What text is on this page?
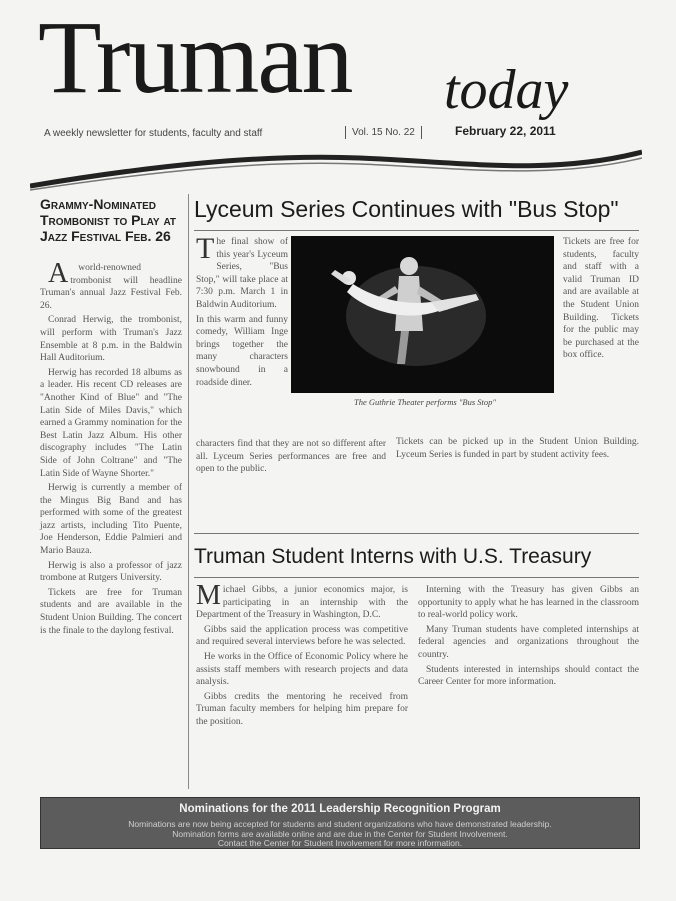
Truman today
A weekly newsletter for students, faculty and staff	Vol. 15 No. 22	February 22, 2011
Grammy-Nominated Trombonist to Play at Jazz Festival Feb. 26

Aworld-renowned trombonist will headline Truman's annual Jazz Festival Feb. 26.

Conrad Herwig, the trombonist, will perform with Truman's Jazz Ensemble at 8 p.m. in the Baldwin Hall Auditorium.

Herwig has recorded 18 albums as a leader. His recent CD releases are "Another Kind of Blue" and "The Latin Side of Miles Davis," which earned a Grammy nomination for the Best Latin Jazz Album. His other discography includes "The Latin Side of John Coltrane" and "The Latin Side of Wayne Shorter."

Herwig is currently a member of the Mingus Big Band and has performed with some of the greatest jazz artists, including Tito Puente, Joe Henderson, Eddie Palmieri and Mario Bauza.

Herwig is also a professor of jazz trombone at Rutgers University.

Tickets are free for Truman students and are available in the Student Union Building. The concert is the finale to the daylong festival.

Lyceum Series Continues with "Bus Stop"

The final show of this year's Lyceum Series, "Bus Stop," will take place at 7:30 p.m. March 1 in Baldwin Auditorium.

In this warm and funny comedy, William Inge brings together the many characters snowbound in a roadside diner.

The Guthrie Theater performs "Bus Stop"
Tickets are free for students, faculty and staff with a valid Truman ID and are available at the Student Union Building. Tickets for the public may be purchased at the box office.
characters find that they are not so different after all. Lyceum Series performances are free and open to the public.
Tickets can be picked up in the Student Union Building. Lyceum Series is funded in part by student activity fees.
Truman Student Interns with U.S. Treasury

Michael Gibbs, a junior economics major, is participating in an internship with the Department of the Treasury in Washington, D.C.

Gibbs said the application process was competitive and required several interviews before he was selected.

He works in the Office of Economic Policy where he assists staff members with research projects and data analysis.

Gibbs credits the mentoring he received from Truman faculty members for helping him prepare for the position.

Interning with the Treasury has given Gibbs an opportunity to apply what he has learned in the classroom to real-world policy work.

Many Truman students have completed internships at federal agencies and organizations throughout the country.

Students interested in internships should contact the Career Center for more information.

Nominations for the 2011 Leadership Recognition Program
Nominations are now being accepted for students and student organizations who have demonstrated leadership.
Nomination forms are available online and are due in the Center for Student Involvement.
Contact the Center for Student Involvement for more information.
